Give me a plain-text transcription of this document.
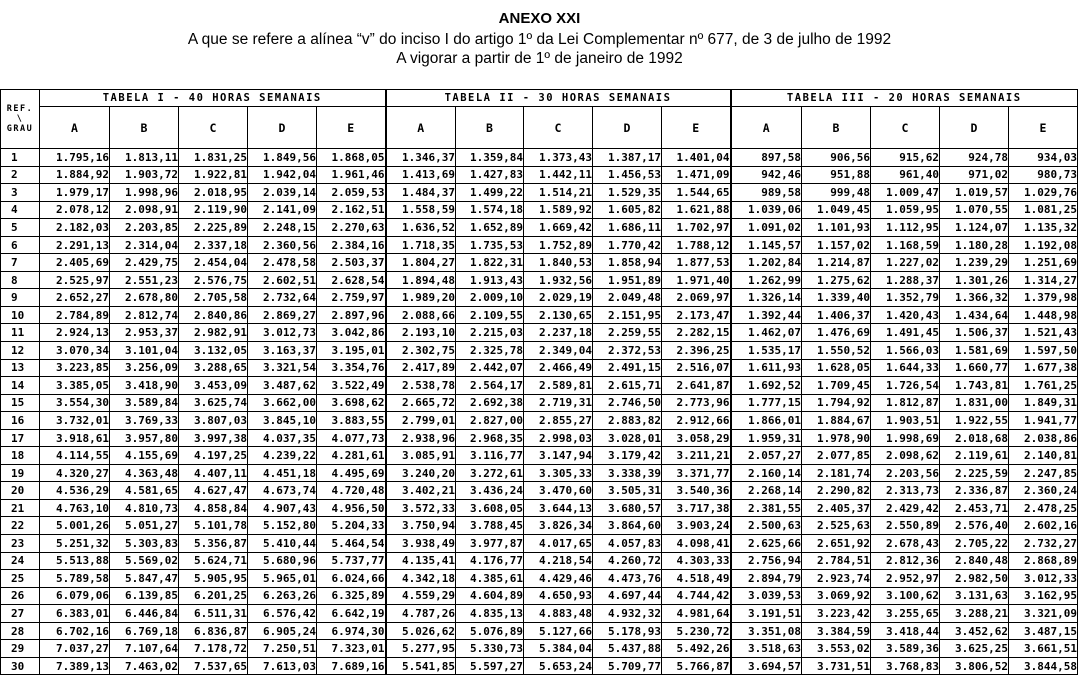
ANEXO XXI
A que se refere a alínea “v” do inciso I do artigo 1º da Lei Complementar nº 677, de 3 de julho de 1992
A vigorar a partir de 1º de janeiro de 1992
REF.
\
GRAU	TABELA I - 40 HORAS SEMANAIS					TABELA II - 30 HORAS SEMANAIS					TABELA III - 20 HORAS SEMANAIS				
	A	B	C	D	E	A	B	C	D	E	A	B	C	D	E
1	1.795,16	1.813,11	1.831,25	1.849,56	1.868,05	1.346,37	1.359,84	1.373,43	1.387,17	1.401,04	897,58	906,56	915,62	924,78	934,03
2	1.884,92	1.903,72	1.922,81	1.942,04	1.961,46	1.413,69	1.427,83	1.442,11	1.456,53	1.471,09	942,46	951,88	961,40	971,02	980,73
3	1.979,17	1.998,96	2.018,95	2.039,14	2.059,53	1.484,37	1.499,22	1.514,21	1.529,35	1.544,65	989,58	999,48	1.009,47	1.019,57	1.029,76
4	2.078,12	2.098,91	2.119,90	2.141,09	2.162,51	1.558,59	1.574,18	1.589,92	1.605,82	1.621,88	1.039,06	1.049,45	1.059,95	1.070,55	1.081,25
5	2.182,03	2.203,85	2.225,89	2.248,15	2.270,63	1.636,52	1.652,89	1.669,42	1.686,11	1.702,97	1.091,02	1.101,93	1.112,95	1.124,07	1.135,32
6	2.291,13	2.314,04	2.337,18	2.360,56	2.384,16	1.718,35	1.735,53	1.752,89	1.770,42	1.788,12	1.145,57	1.157,02	1.168,59	1.180,28	1.192,08
7	2.405,69	2.429,75	2.454,04	2.478,58	2.503,37	1.804,27	1.822,31	1.840,53	1.858,94	1.877,53	1.202,84	1.214,87	1.227,02	1.239,29	1.251,69
8	2.525,97	2.551,23	2.576,75	2.602,51	2.628,54	1.894,48	1.913,43	1.932,56	1.951,89	1.971,40	1.262,99	1.275,62	1.288,37	1.301,26	1.314,27
9	2.652,27	2.678,80	2.705,58	2.732,64	2.759,97	1.989,20	2.009,10	2.029,19	2.049,48	2.069,97	1.326,14	1.339,40	1.352,79	1.366,32	1.379,98
10	2.784,89	2.812,74	2.840,86	2.869,27	2.897,96	2.088,66	2.109,55	2.130,65	2.151,95	2.173,47	1.392,44	1.406,37	1.420,43	1.434,64	1.448,98
11	2.924,13	2.953,37	2.982,91	3.012,73	3.042,86	2.193,10	2.215,03	2.237,18	2.259,55	2.282,15	1.462,07	1.476,69	1.491,45	1.506,37	1.521,43
12	3.070,34	3.101,04	3.132,05	3.163,37	3.195,01	2.302,75	2.325,78	2.349,04	2.372,53	2.396,25	1.535,17	1.550,52	1.566,03	1.581,69	1.597,50
13	3.223,85	3.256,09	3.288,65	3.321,54	3.354,76	2.417,89	2.442,07	2.466,49	2.491,15	2.516,07	1.611,93	1.628,05	1.644,33	1.660,77	1.677,38
14	3.385,05	3.418,90	3.453,09	3.487,62	3.522,49	2.538,78	2.564,17	2.589,81	2.615,71	2.641,87	1.692,52	1.709,45	1.726,54	1.743,81	1.761,25
15	3.554,30	3.589,84	3.625,74	3.662,00	3.698,62	2.665,72	2.692,38	2.719,31	2.746,50	2.773,96	1.777,15	1.794,92	1.812,87	1.831,00	1.849,31
16	3.732,01	3.769,33	3.807,03	3.845,10	3.883,55	2.799,01	2.827,00	2.855,27	2.883,82	2.912,66	1.866,01	1.884,67	1.903,51	1.922,55	1.941,77
17	3.918,61	3.957,80	3.997,38	4.037,35	4.077,73	2.938,96	2.968,35	2.998,03	3.028,01	3.058,29	1.959,31	1.978,90	1.998,69	2.018,68	2.038,86
18	4.114,55	4.155,69	4.197,25	4.239,22	4.281,61	3.085,91	3.116,77	3.147,94	3.179,42	3.211,21	2.057,27	2.077,85	2.098,62	2.119,61	2.140,81
19	4.320,27	4.363,48	4.407,11	4.451,18	4.495,69	3.240,20	3.272,61	3.305,33	3.338,39	3.371,77	2.160,14	2.181,74	2.203,56	2.225,59	2.247,85
20	4.536,29	4.581,65	4.627,47	4.673,74	4.720,48	3.402,21	3.436,24	3.470,60	3.505,31	3.540,36	2.268,14	2.290,82	2.313,73	2.336,87	2.360,24
21	4.763,10	4.810,73	4.858,84	4.907,43	4.956,50	3.572,33	3.608,05	3.644,13	3.680,57	3.717,38	2.381,55	2.405,37	2.429,42	2.453,71	2.478,25
22	5.001,26	5.051,27	5.101,78	5.152,80	5.204,33	3.750,94	3.788,45	3.826,34	3.864,60	3.903,24	2.500,63	2.525,63	2.550,89	2.576,40	2.602,16
23	5.251,32	5.303,83	5.356,87	5.410,44	5.464,54	3.938,49	3.977,87	4.017,65	4.057,83	4.098,41	2.625,66	2.651,92	2.678,43	2.705,22	2.732,27
24	5.513,88	5.569,02	5.624,71	5.680,96	5.737,77	4.135,41	4.176,77	4.218,54	4.260,72	4.303,33	2.756,94	2.784,51	2.812,36	2.840,48	2.868,89
25	5.789,58	5.847,47	5.905,95	5.965,01	6.024,66	4.342,18	4.385,61	4.429,46	4.473,76	4.518,49	2.894,79	2.923,74	2.952,97	2.982,50	3.012,33
26	6.079,06	6.139,85	6.201,25	6.263,26	6.325,89	4.559,29	4.604,89	4.650,93	4.697,44	4.744,42	3.039,53	3.069,92	3.100,62	3.131,63	3.162,95
27	6.383,01	6.446,84	6.511,31	6.576,42	6.642,19	4.787,26	4.835,13	4.883,48	4.932,32	4.981,64	3.191,51	3.223,42	3.255,65	3.288,21	3.321,09
28	6.702,16	6.769,18	6.836,87	6.905,24	6.974,30	5.026,62	5.076,89	5.127,66	5.178,93	5.230,72	3.351,08	3.384,59	3.418,44	3.452,62	3.487,15
29	7.037,27	7.107,64	7.178,72	7.250,51	7.323,01	5.277,95	5.330,73	5.384,04	5.437,88	5.492,26	3.518,63	3.553,02	3.589,36	3.625,25	3.661,51
30	7.389,13	7.463,02	7.537,65	7.613,03	7.689,16	5.541,85	5.597,27	5.653,24	5.709,77	5.766,87	3.694,57	3.731,51	3.768,83	3.806,52	3.844,58
